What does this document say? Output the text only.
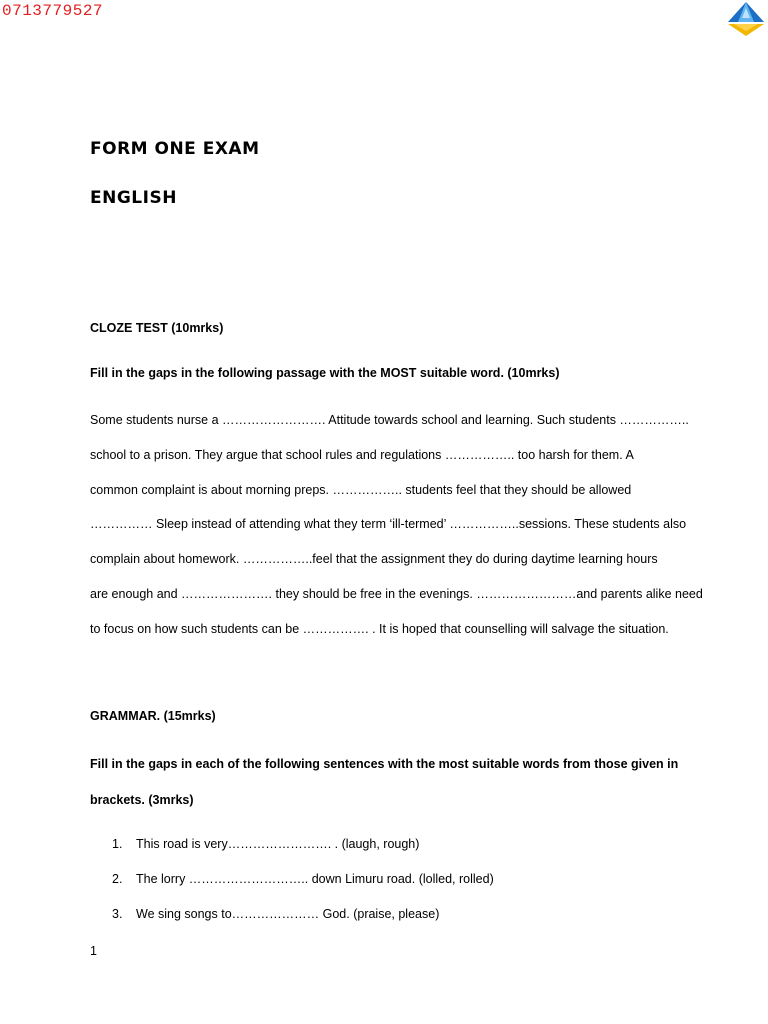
0713779527
FORM ONE EXAM
ENGLISH
CLOZE TEST (10mrks)
Fill in the gaps in the following passage with the MOST suitable word. (10mrks)
Some students nurse a ……………………. Attitude towards school and learning. Such students ……………..
school to a prison. They argue that school rules and regulations …………….. too harsh for them. A
common complaint is about morning preps. …………….. students feel that they should be allowed
…………… Sleep instead of attending what they term ‘ill-termed’ ……………..sessions. These students also
complain about homework. ……………..feel that the assignment they do during daytime learning hours
are enough and …………………. they should be free in the evenings. ……………………and parents alike need
to focus on how such students can be ……………. . It is hoped that counselling will salvage the situation.
GRAMMAR. (15mrks)
Fill in the gaps in each of the following sentences with the most suitable words from those given in
brackets. (3mrks)
1. This road is very……………………. . (laugh, rough)
2. The lorry ……………………….. down Limuru road. (lolled, rolled)
3. We sing songs to………………… God. (praise, please)
1
